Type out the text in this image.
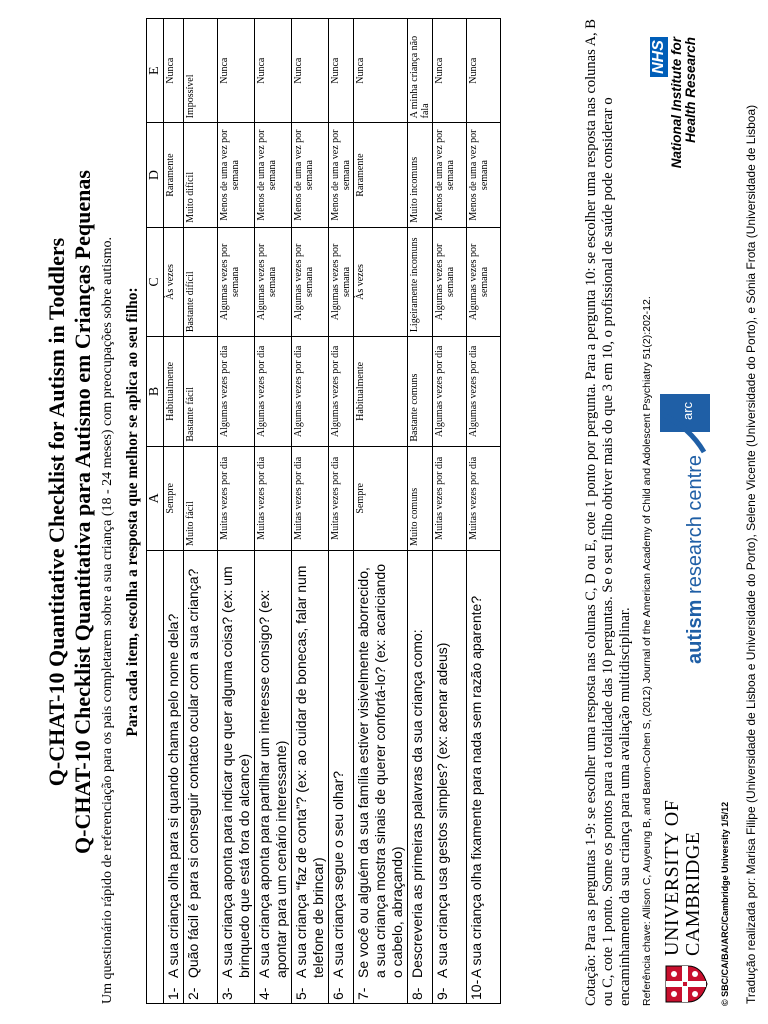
Q-CHAT-10 Quantitative Checklist for Autism in Toddlers Q-CHAT-10 Checklist Quantitativa para Autismo em Crianças Pequenas Um questionário rápido de referenciação para os pais completarem sobre a sua criança (18 - 24 meses) com preocupações sobre autismo. Para cada item, escolha a resposta que melhor se aplica ao seu filho:
	A	B	C	D	E
1-A sua criança olha para si quando chama pelo nome dela?	Sempre	Habitualmente	Às vezes	Raramente	Nunca
2-Quão fácil é para si conseguir contacto ocular com a sua criança?	Muito fácil	Bastante fácil	Bastante difícil	Muito difícil	Impossível
3-A sua criança aponta para indicar que quer alguma coisa? (ex: um brinquedo que está fora do alcance)	Muitas vezes por dia	Algumas vezes por dia	Algumas vezes por semana	Menos de uma vez por semana	Nunca
4-A sua criança aponta para partilhar um interesse consigo? (ex: apontar para um cenário interessante)	Muitas vezes por dia	Algumas vezes por dia	Algumas vezes por semana	Menos de uma vez por semana	Nunca
5-A sua criança “faz de conta”? (ex: ao cuidar de bonecas, falar num telefone de brincar)	Muitas vezes por dia	Algumas vezes por dia	Algumas vezes por semana	Menos de uma vez por semana	Nunca
6-A sua criança segue o seu olhar?	Muitas vezes por dia	Algumas vezes por dia	Algumas vezes por semana	Menos de uma vez por semana	Nunca
7-Se você ou alguém da sua família estiver visivelmente aborrecido, a sua criança mostra sinais de querer confortá-lo? (ex: acariciando o cabelo, abraçando)	Sempre	Habitualmente	Às vezes	Raramente	Nunca
8-Descreveria as primeiras palavras da sua criança como:	Muito comuns	Bastante comuns	Ligeiramente incomuns	Muito incomuns	A minha criança não fala
9-A sua criança usa gestos simples? (ex: acenar adeus)	Muitas vezes por dia	Algumas vezes por dia	Algumas vezes por semana	Menos de uma vez por semana	Nunca
10-A sua criança olha fixamente para nada sem razão aparente?	Muitas vezes por dia	Algumas vezes por dia	Algumas vezes por semana	Menos de uma vez por semana	Nunca	Cotação: Para as perguntas 1-9: se escolher uma resposta nas colunas C, D ou E, cote 1 ponto por pergunta. Para a pergunta 10: se escolher uma resposta nas colunas A, B ou C, cote 1 ponto. Some os pontos para a totalidade das 10 perguntas. Se o seu filho obtiver mais do que 3 em 10, o profissional de saúde pode considerar o encaminhamento da sua criança para uma avaliação multidisciplinar. Referência chave: Allison C, Auyeung B, and Baron-Cohen S, (2012) Journal of the American Academy of Child and Adolescent Psychiatry 51(2):202-12. UNIVERSITY OF CAMBRIDGE © SBC/CA/BA/ARC/Cambridge University 1/5/12
autism research centre
arc
NHS National Institute for Health Research
Tradução realizada por: Marisa Filipe (Universidade de Lisboa e Universidade do Porto), Selene Vicente (Universidade do Porto), e Sónia Frota (Universidade de Lisboa)
